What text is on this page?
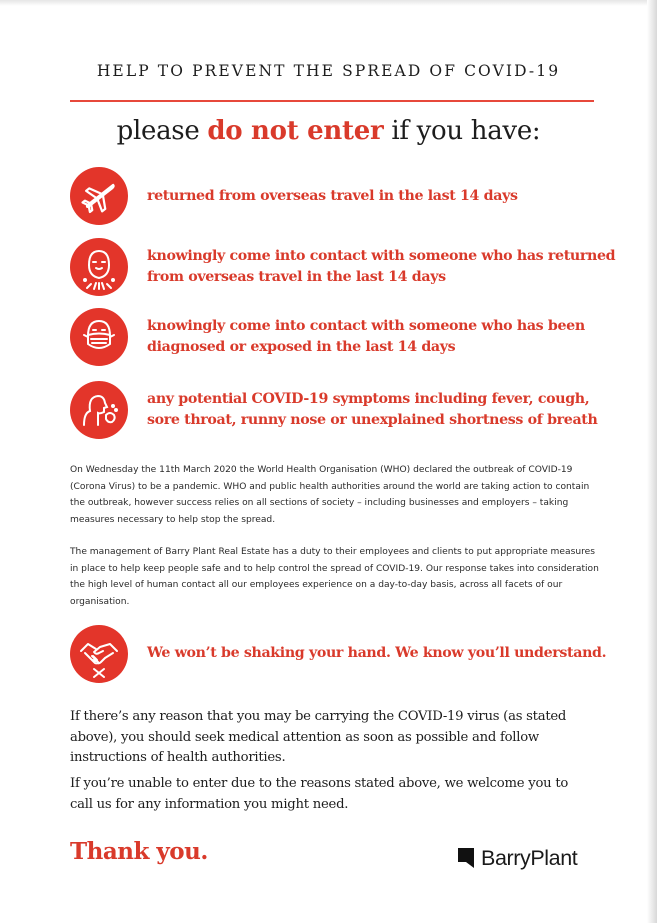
HELP TO PREVENT THE SPREAD OF COVID-19
please do not enter if you have:
returned from overseas travel in the last 14 days
knowingly come into contact with someone who has returned from overseas travel in the last 14 days
knowingly come into contact with someone who has been diagnosed or exposed in the last 14 days
any potential COVID-19 symptoms including fever, cough, sore throat, runny nose or unexplained shortness of breath
On Wednesday the 11th March 2020 the World Health Organisation (WHO) declared the outbreak of COVID-19 (Corona Virus) to be a pandemic. WHO and public health authorities around the world are taking action to contain the outbreak, however success relies on all sections of society – including businesses and employers – taking measures necessary to help stop the spread.
The management of Barry Plant Real Estate has a duty to their employees and clients to put appropriate measures in place to help keep people safe and to help control the spread of COVID-19. Our response takes into consideration the high level of human contact all our employees experience on a day-to-day basis, across all facets of our organisation.
We won’t be shaking your hand. We know you’ll understand.
If there’s any reason that you may be carrying the COVID-19 virus (as stated above), you should seek medical attention as soon as possible and follow instructions of health authorities.
If you’re unable to enter due to the reasons stated above, we welcome you to call us for any information you might need.
Thank you.	BarryPlant
